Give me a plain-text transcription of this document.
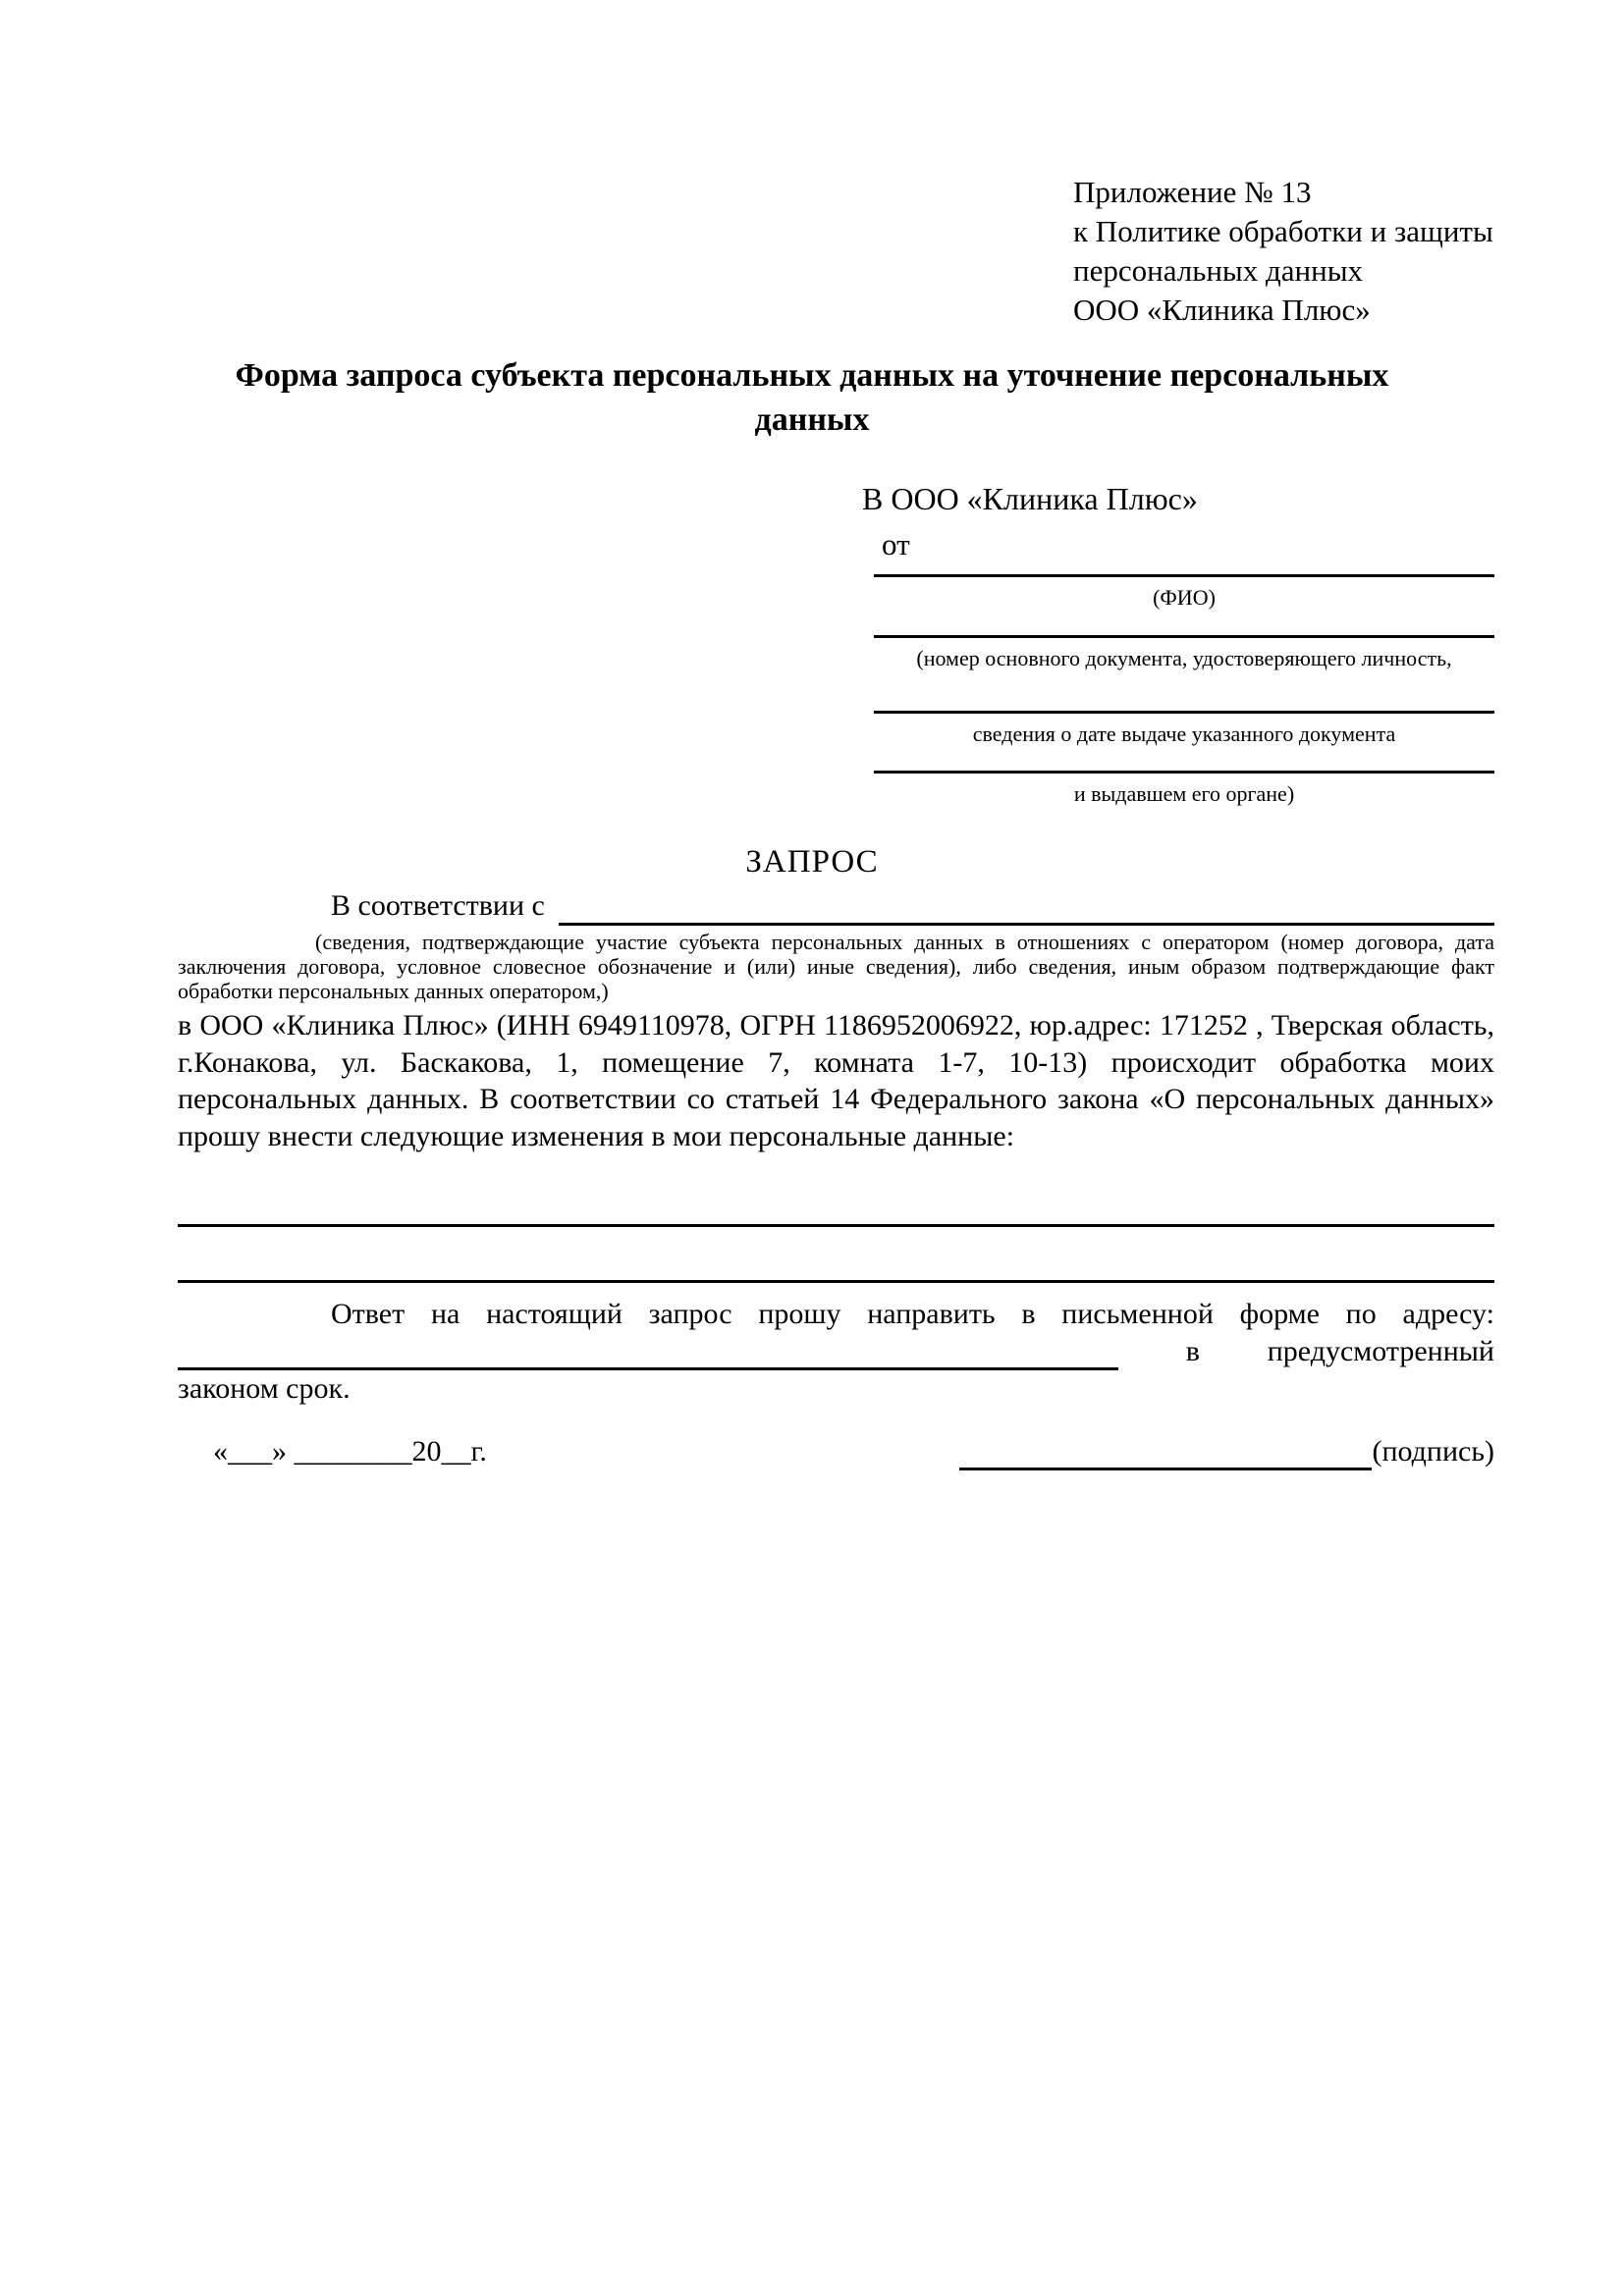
Приложение № 13
к Политике обработки и защиты
персональных данных
ООО «Клиника Плюс»
Форма запроса субъекта персональных данных на уточнение персональных данных
В ООО «Клиника Плюс»
от
(ФИО)
(номер основного документа, удостоверяющего личность,
сведения о дате выдаче указанного документа
и выдавшем его органе)
ЗАПРОС
В соответствии с
(сведения, подтверждающие участие субъекта персональных данных в отношениях с оператором (номер договора, дата заключения договора, условное словесное обозначение и (или) иные сведения), либо сведения, иным образом подтверждающие факт обработки персональных данных оператором,)
в ООО «Клиника Плюс» (ИНН 6949110978, ОГРН 1186952006922, юр.адрес: 171252 , Тверская область, г.Конакова, ул. Баскакова, 1, помещение 7, комната 1-7, 10-13) происходит обработка моих персональных данных. В соответствии со статьей 14 Федерального закона «О персональных данных» прошу внести следующие изменения в мои персональные данные:
Ответ на настоящий запрос прошу направить в письменной форме по адресу:
в предусмотренный
законом срок.
«___» ________20__г.	(подпись)
